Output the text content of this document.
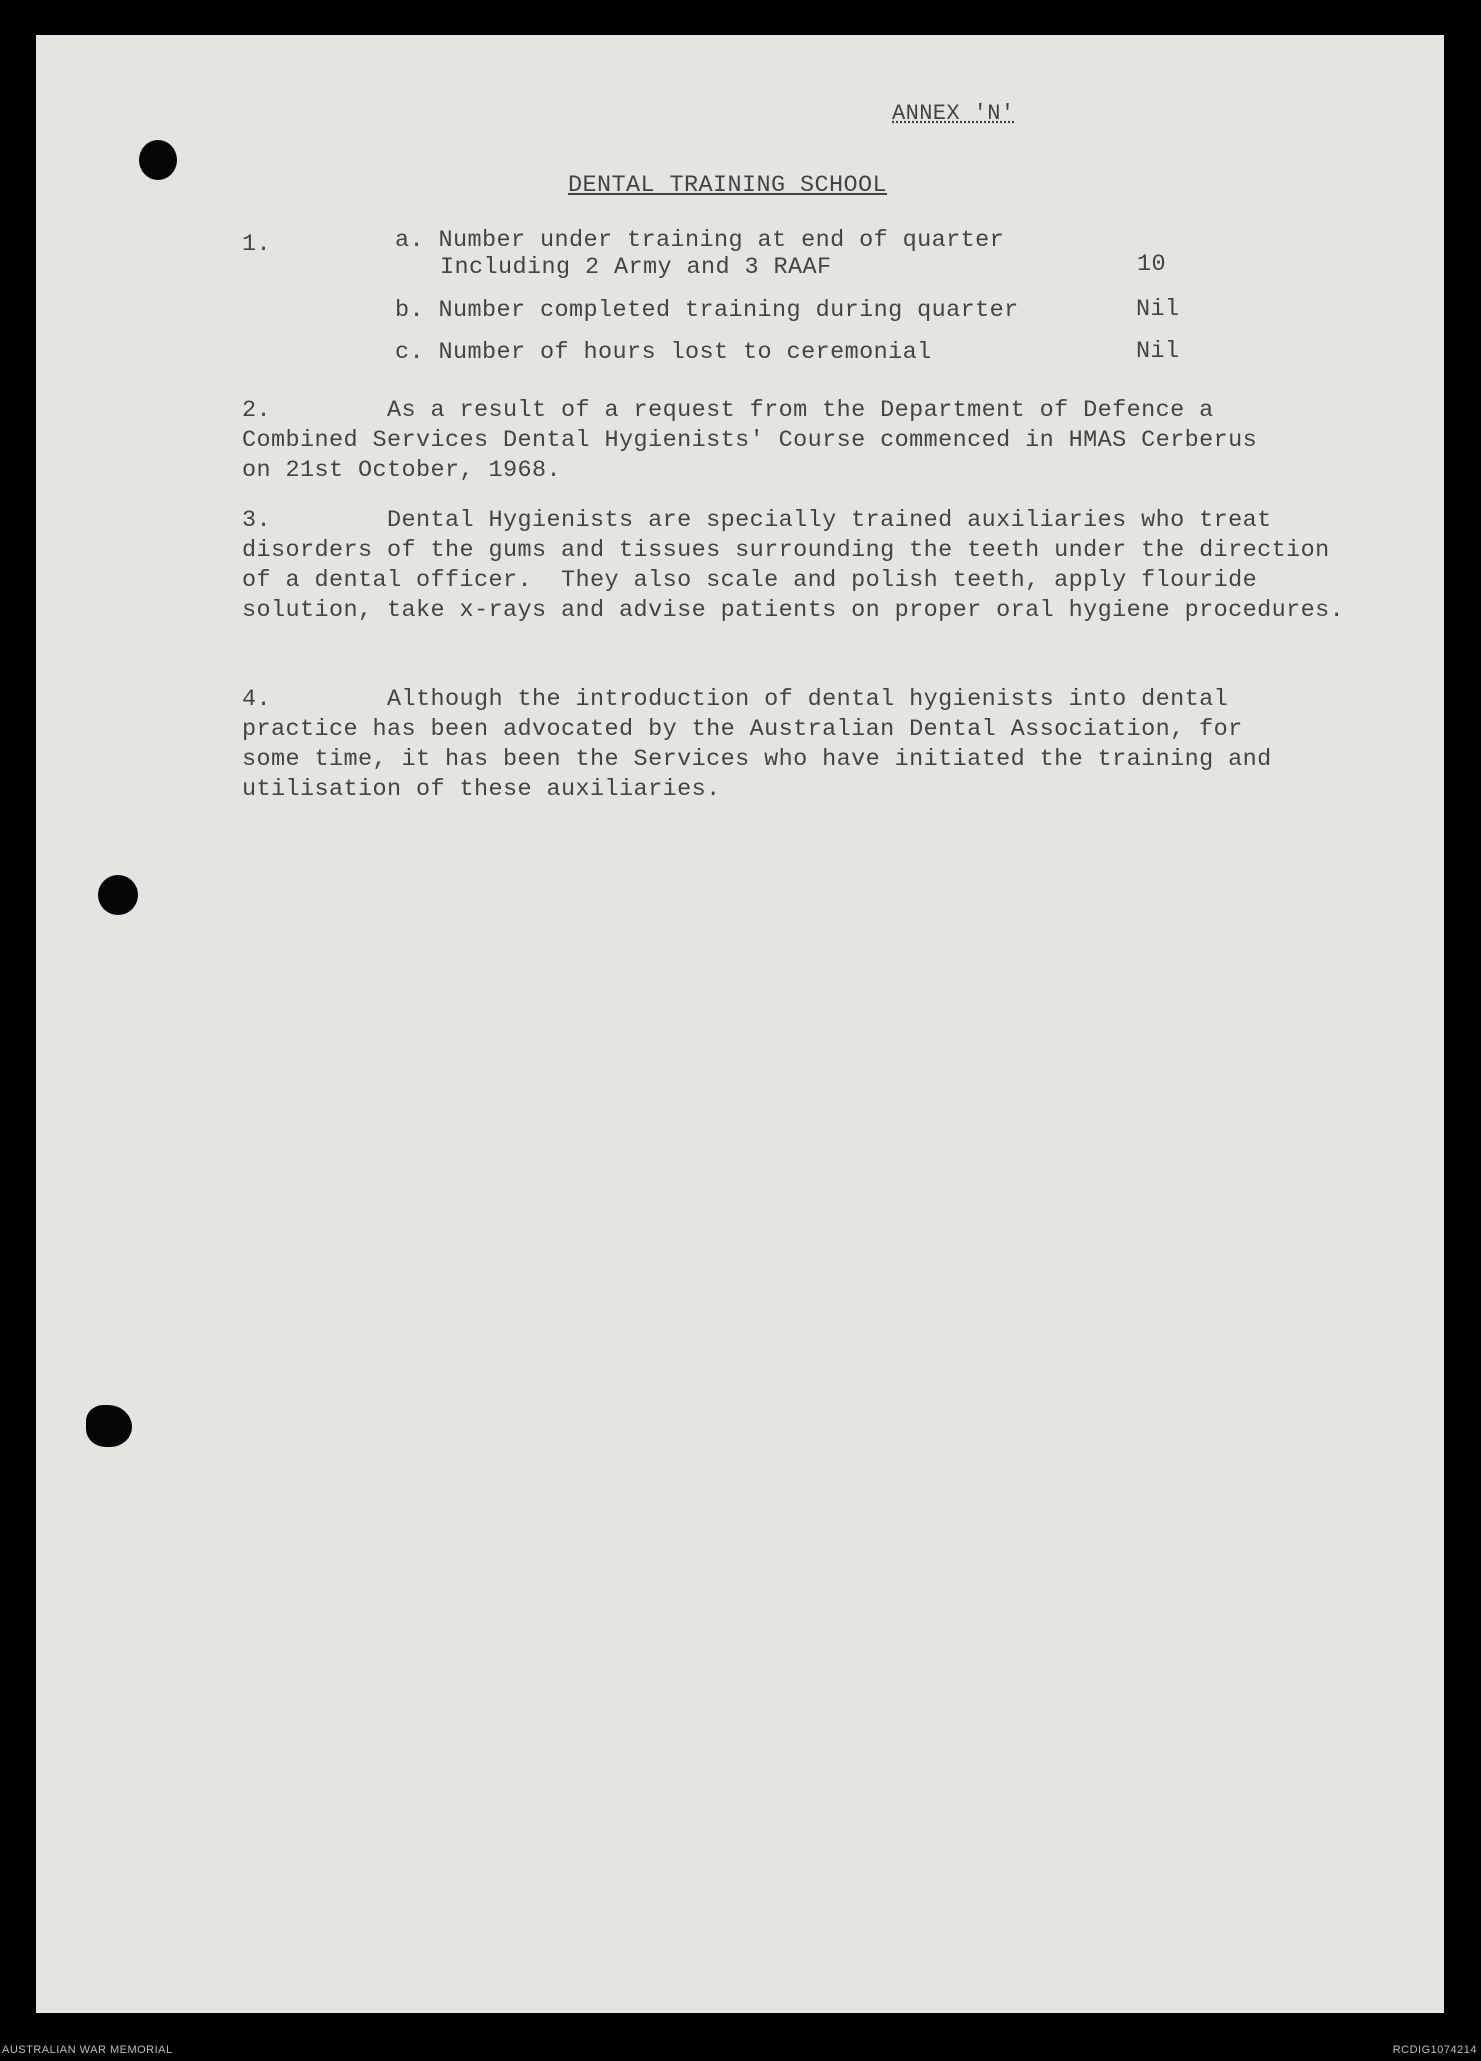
ANNEX 'N'
DENTAL TRAINING SCHOOL
1.	a. Number under training at end of quarter
Including 2 Army and 3 RAAF	10
b. Number completed training during quarter	Nil
c. Number of hours lost to ceremonial	Nil
2.        As a result of a request from the Department of Defence a
Combined Services Dental Hygienists' Course commenced in HMAS Cerberus
on 21st October, 1968.
3.        Dental Hygienists are specially trained auxiliaries who treat
disorders of the gums and tissues surrounding the teeth under the direction
of a dental officer.  They also scale and polish teeth, apply flouride
solution, take x-rays and advise patients on proper oral hygiene procedures.
4.        Although the introduction of dental hygienists into dental
practice has been advocated by the Australian Dental Association, for
some time, it has been the Services who have initiated the training and
utilisation of these auxiliaries.
AUSTRALIAN WAR MEMORIAL	RCDIG1074214
